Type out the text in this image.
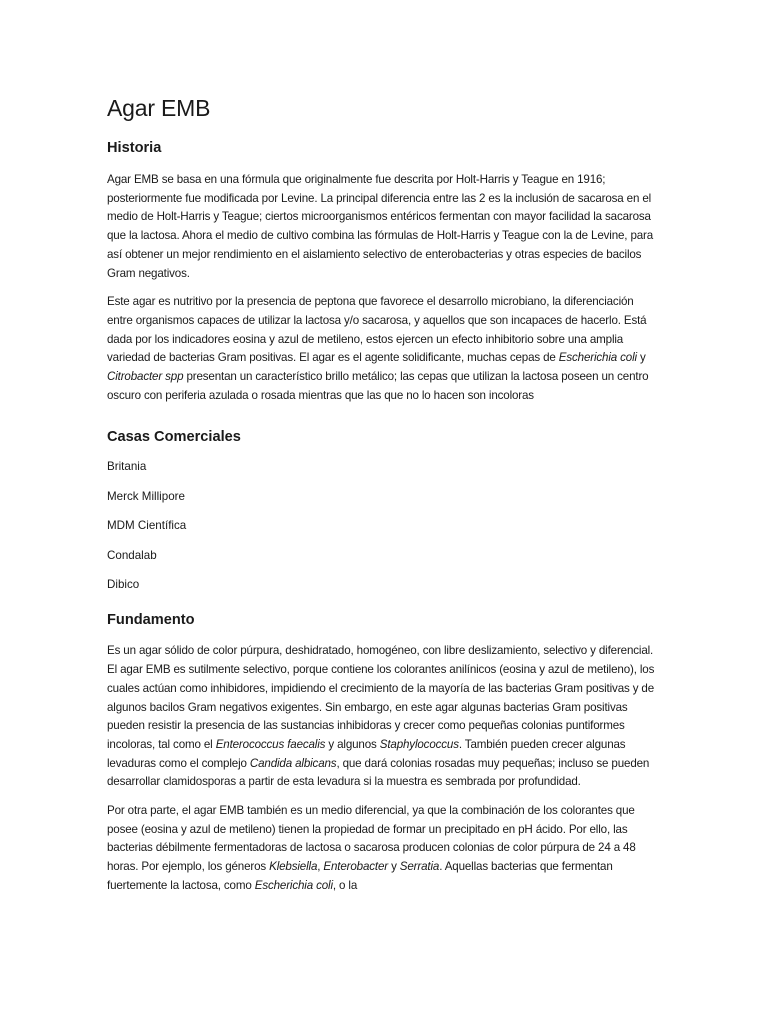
Agar EMB
Historia

Agar EMB se basa en una fórmula que originalmente fue descrita por Holt-Harris y Teague en 1916; posteriormente fue modificada por Levine. La principal diferencia entre las 2 es la inclusión de sacarosa en el medio de Holt-Harris y Teague; ciertos microorganismos entéricos fermentan con mayor facilidad la sacarosa que la lactosa. Ahora el medio de cultivo combina las fórmulas de Holt-Harris y Teague con la de Levine, para así obtener un mejor rendimiento en el aislamiento selectivo de enterobacterias y otras especies de bacilos Gram negativos.

Este agar es nutritivo por la presencia de peptona que favorece el desarrollo microbiano, la diferenciación entre organismos capaces de utilizar la lactosa y/o sacarosa, y aquellos que son incapaces de hacerlo. Está dada por los indicadores eosina y azul de metileno, estos ejercen un efecto inhibitorio sobre una amplia variedad de bacterias Gram positivas. El agar es el agente solidificante, muchas cepas de Escherichia coli y Citrobacter spp presentan un característico brillo metálico; las cepas que utilizan la lactosa poseen un centro oscuro con periferia azulada o rosada mientras que las que no lo hacen son incoloras

Casas Comerciales

Britania

Merck Millipore

MDM Científica

Condalab

Dibico

Fundamento

Es un agar sólido de color púrpura, deshidratado, homogéneo, con libre deslizamiento, selectivo y diferencial. El agar EMB es sutilmente selectivo, porque contiene los colorantes anilínicos (eosina y azul de metileno), los cuales actúan como inhibidores, impidiendo el crecimiento de la mayoría de las bacterias Gram positivas y de algunos bacilos Gram negativos exigentes. Sin embargo, en este agar algunas bacterias Gram positivas pueden resistir la presencia de las sustancias inhibidoras y crecer como pequeñas colonias puntiformes incoloras, tal como el Enterococcus faecalis y algunos Staphylococcus. También pueden crecer algunas levaduras como el complejo Candida albicans, que dará colonias rosadas muy pequeñas; incluso se pueden desarrollar clamidosporas a partir de esta levadura si la muestra es sembrada por profundidad.

Por otra parte, el agar EMB también es un medio diferencial, ya que la combinación de los colorantes que posee (eosina y azul de metileno) tienen la propiedad de formar un precipitado en pH ácido. Por ello, las bacterias débilmente fermentadoras de lactosa o sacarosa producen colonias de color púrpura de 24 a 48 horas. Por ejemplo, los géneros Klebsiella, Enterobacter y Serratia. Aquellas bacterias que fermentan fuertemente la lactosa, como Escherichia coli, o la
